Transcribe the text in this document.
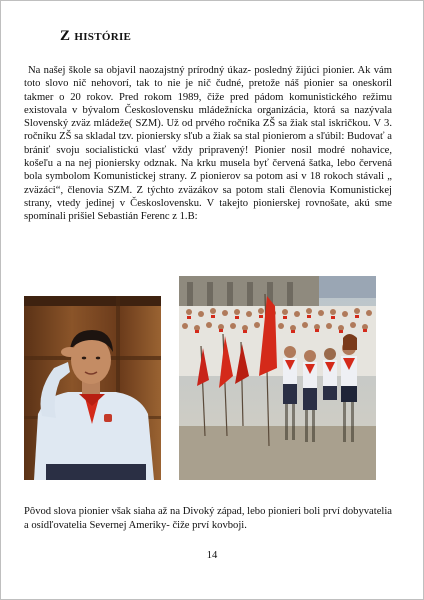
Z histórie

Na našej škole sa objavil naozajstný prírodný úkaz- posledný žijúci pionier. Ak vám toto slovo nič nehovorí, tak to nie je nič čudné, pretože náš pionier sa oneskoril takmer o 20 rokov. Pred rokom 1989, čiže pred pádom komunistického režimu existovala v bývalom Československu mládežnícka organizácia, ktorá sa nazývala Slovenský zväz mládeže( SZM). Už od prvého ročníka ZŠ sa žiak stal iskričkou. V 3. ročníku ZŠ sa skladal tzv. pioniersky sľub a žiak sa stal pionierom a sľúbil: Budovať a brániť svoju socialistickú vlasť vždy pripravený! Pionier nosil modré nohavice, košeľu a na nej pioniersky odznak. Na krku musela byť červená šatka, lebo červená bola symbolom Komunistickej strany. Z pionierov sa potom asi v 18 rokoch stávali „ zväzáci“, členovia SZM. Z týchto zväzákov sa potom stali členovia Komunistickej strany, vtedy jedinej v Československu. V takejto pionierskej rovnošate, akú sme spomínali prišiel Sebastián Ferenc z 1.B:

Pôvod slova pionier však siaha až na Divoký západ, lebo pionieri boli prví dobyvatelia a osídľovatelia Severnej Ameriky- čiže prví kovboji.

14
